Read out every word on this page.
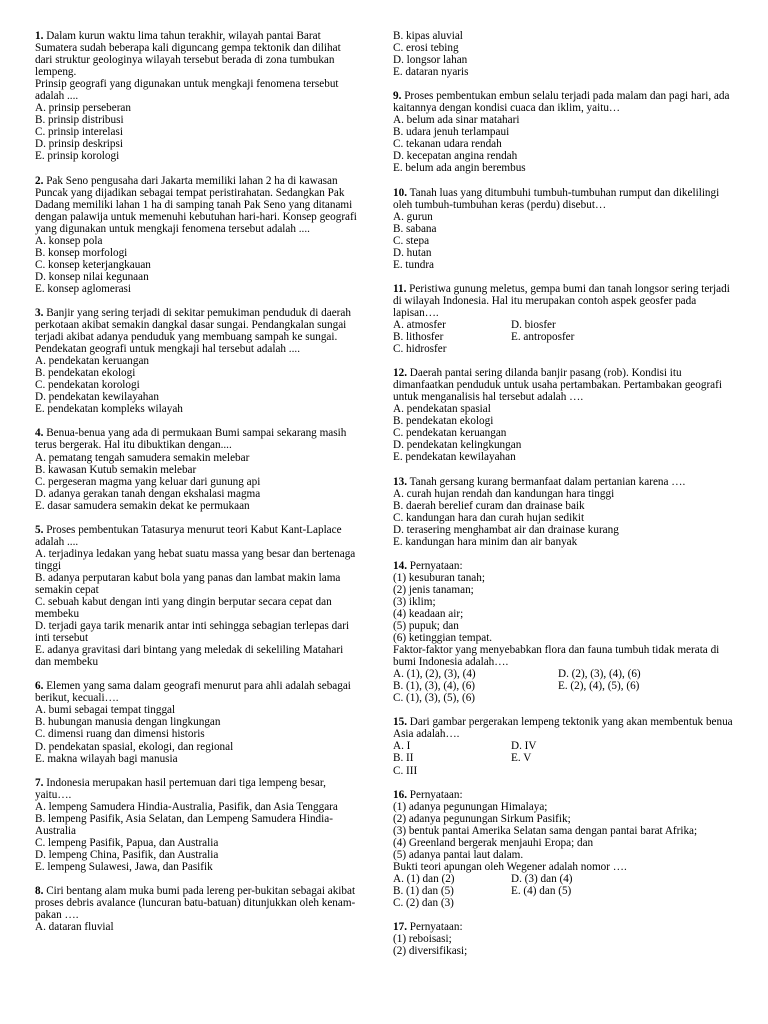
1. Dalam kurun waktu lima tahun terakhir, wilayah pantai Barat Sumatera sudah beberapa kali diguncang gempa tektonik dan dilihat dari struktur geologinya wilayah tersebut berada di zona tumbukan lempeng.

Prinsip geografi yang digunakan untuk mengkaji fenomena tersebut adalah ....

A. prinsip perseberan

B. prinsip distribusi

C. prinsip interelasi

D. prinsip deskripsi

E. prinsip korologi

2. Pak Seno pengusaha dari Jakarta memiliki lahan 2 ha di kawasan Puncak yang dijadikan sebagai tempat peristirahatan. Sedangkan Pak Dadang memiliki lahan 1 ha di samping tanah Pak Seno yang ditanami dengan palawija untuk memenuhi kebutuhan hari-hari. Konsep geografi yang digunakan untuk mengkaji fenomena tersebut adalah ....

A. konsep pola

B. konsep morfologi

C. konsep keterjangkauan

D. konsep nilai kegunaan

E. konsep aglomerasi

3. Banjir yang sering terjadi di sekitar pemukiman penduduk di daerah perkotaan akibat semakin dangkal dasar sungai. Pendangkalan sungai terjadi akibat adanya penduduk yang membuang sampah ke sungai.

Pendekatan geografi untuk mengkaji hal tersebut adalah ....

A. pendekatan keruangan

B. pendekatan ekologi

C. pendekatan korologi

D. pendekatan kewilayahan

E. pendekatan kompleks wilayah

4. Benua-benua yang ada di permukaan Bumi sampai sekarang masih terus bergerak. Hal itu dibuktikan dengan....

A. pematang tengah samudera semakin melebar

B. kawasan Kutub semakin melebar

C. pergeseran magma yang keluar dari gunung api

D. adanya gerakan tanah dengan ekshalasi magma

E. dasar samudera semakin dekat ke permukaan

5. Proses pembentukan Tatasurya menurut teori Kabut Kant-Laplace adalah ....

A. terjadinya ledakan yang hebat suatu massa yang besar dan bertenaga tinggi

B. adanya perputaran kabut bola yang panas dan lambat makin lama semakin cepat

C. sebuah kabut dengan inti yang dingin berputar secara cepat dan membeku

D. terjadi gaya tarik menarik antar inti sehingga sebagian terlepas dari inti tersebut

E. adanya gravitasi dari bintang yang meledak di sekeliling Matahari dan membeku

6. Elemen yang sama dalam geografi menurut para ahli adalah sebagai berikut, kecuali….

A. bumi sebagai tempat tinggal

B. hubungan manusia dengan lingkungan

C. dimensi ruang dan dimensi historis

D. pendekatan spasial, ekologi, dan regional

E. makna wilayah bagi manusia

7. Indonesia merupakan hasil pertemuan dari tiga lempeng besar, yaitu….

A. lempeng Samudera Hindia-Australia, Pasifik, dan Asia Tenggara

B. lempeng Pasifik, Asia Selatan, dan Lempeng Samudera Hindia-Australia

C. lempeng Pasifik, Papua, dan Australia

D. lempeng China, Pasifik, dan Australia

E. lempeng Sulawesi, Jawa, dan Pasifik

8. Ciri bentang alam muka bumi pada lereng per-bukitan sebagai akibat proses debris avalance (luncuran batu-batuan) ditunjukkan oleh kenam-pakan ….

A. dataran fluvial

B. kipas aluvial

C. erosi tebing

D. longsor lahan

E. dataran nyaris

9. Proses pembentukan embun selalu terjadi pada malam dan pagi hari, ada kaitannya dengan kondisi cuaca dan iklim, yaitu…

A. belum ada sinar matahari

B. udara jenuh terlampaui

C. tekanan udara rendah

D. kecepatan angina rendah

E. belum ada angin berembus

10. Tanah luas yang ditumbuhi tumbuh-tumbuhan rumput dan dikelilingi oleh tumbuh-tumbuhan keras (perdu) disebut…

A. gurun

B. sabana

C. stepa

D. hutan

E. tundra

11. Peristiwa gunung meletus, gempa bumi dan tanah longsor sering terjadi di wilayah Indonesia. Hal itu merupakan contoh aspek geosfer pada lapisan….

A. atmosfer	D. biosfer
B. lithosfer	E. antroposfer
C. hidrosfer

12. Daerah pantai sering dilanda banjir pasang (rob). Kondisi itu dimanfaatkan penduduk untuk usaha pertambakan. Pertambakan geografi untuk menganalisis hal tersebut adalah ….

A. pendekatan spasial

B. pendekatan ekologi

C. pendekatan keruangan

D. pendekatan kelingkungan

E. pendekatan kewilayahan

13. Tanah gersang kurang bermanfaat dalam pertanian karena ….

A. curah hujan rendah dan kandungan hara tinggi

B. daerah berelief curam dan drainase baik

C. kandungan hara dan curah hujan sedikit

D. terasering menghambat air dan drainase kurang

E. kandungan hara minim dan air banyak

14. Pernyataan:

(1) kesuburan tanah;

(2) jenis tanaman;

(3) iklim;

(4) keadaan air;

(5) pupuk; dan

(6) ketinggian tempat.

Faktor-faktor yang menyebabkan flora dan fauna tumbuh tidak merata di bumi Indonesia adalah….

A. (1), (2), (3), (4)	D. (2), (3), (4), (6)
B. (1), (3), (4), (6)	E. (2), (4), (5), (6)
C. (1), (3), (5), (6)

15. Dari gambar pergerakan lempeng tektonik yang akan membentuk benua Asia adalah….

A. I	D. IV
B. II	E. V
C. III

16. Pernyataan:

(1) adanya pegunungan Himalaya;

(2) adanya pegunungan Sirkum Pasifik;

(3) bentuk pantai Amerika Selatan sama dengan pantai barat Afrika;

(4) Greenland bergerak menjauhi Eropa; dan

(5) adanya pantai laut dalam.

Bukti teori apungan oleh Wegener adalah nomor ….

A. (1) dan (2)	D. (3) dan (4)
B. (1) dan (5)	E. (4) dan (5)
C. (2) dan (3)

17. Pernyataan:

(1) reboisasi;

(2) diversifikasi;
